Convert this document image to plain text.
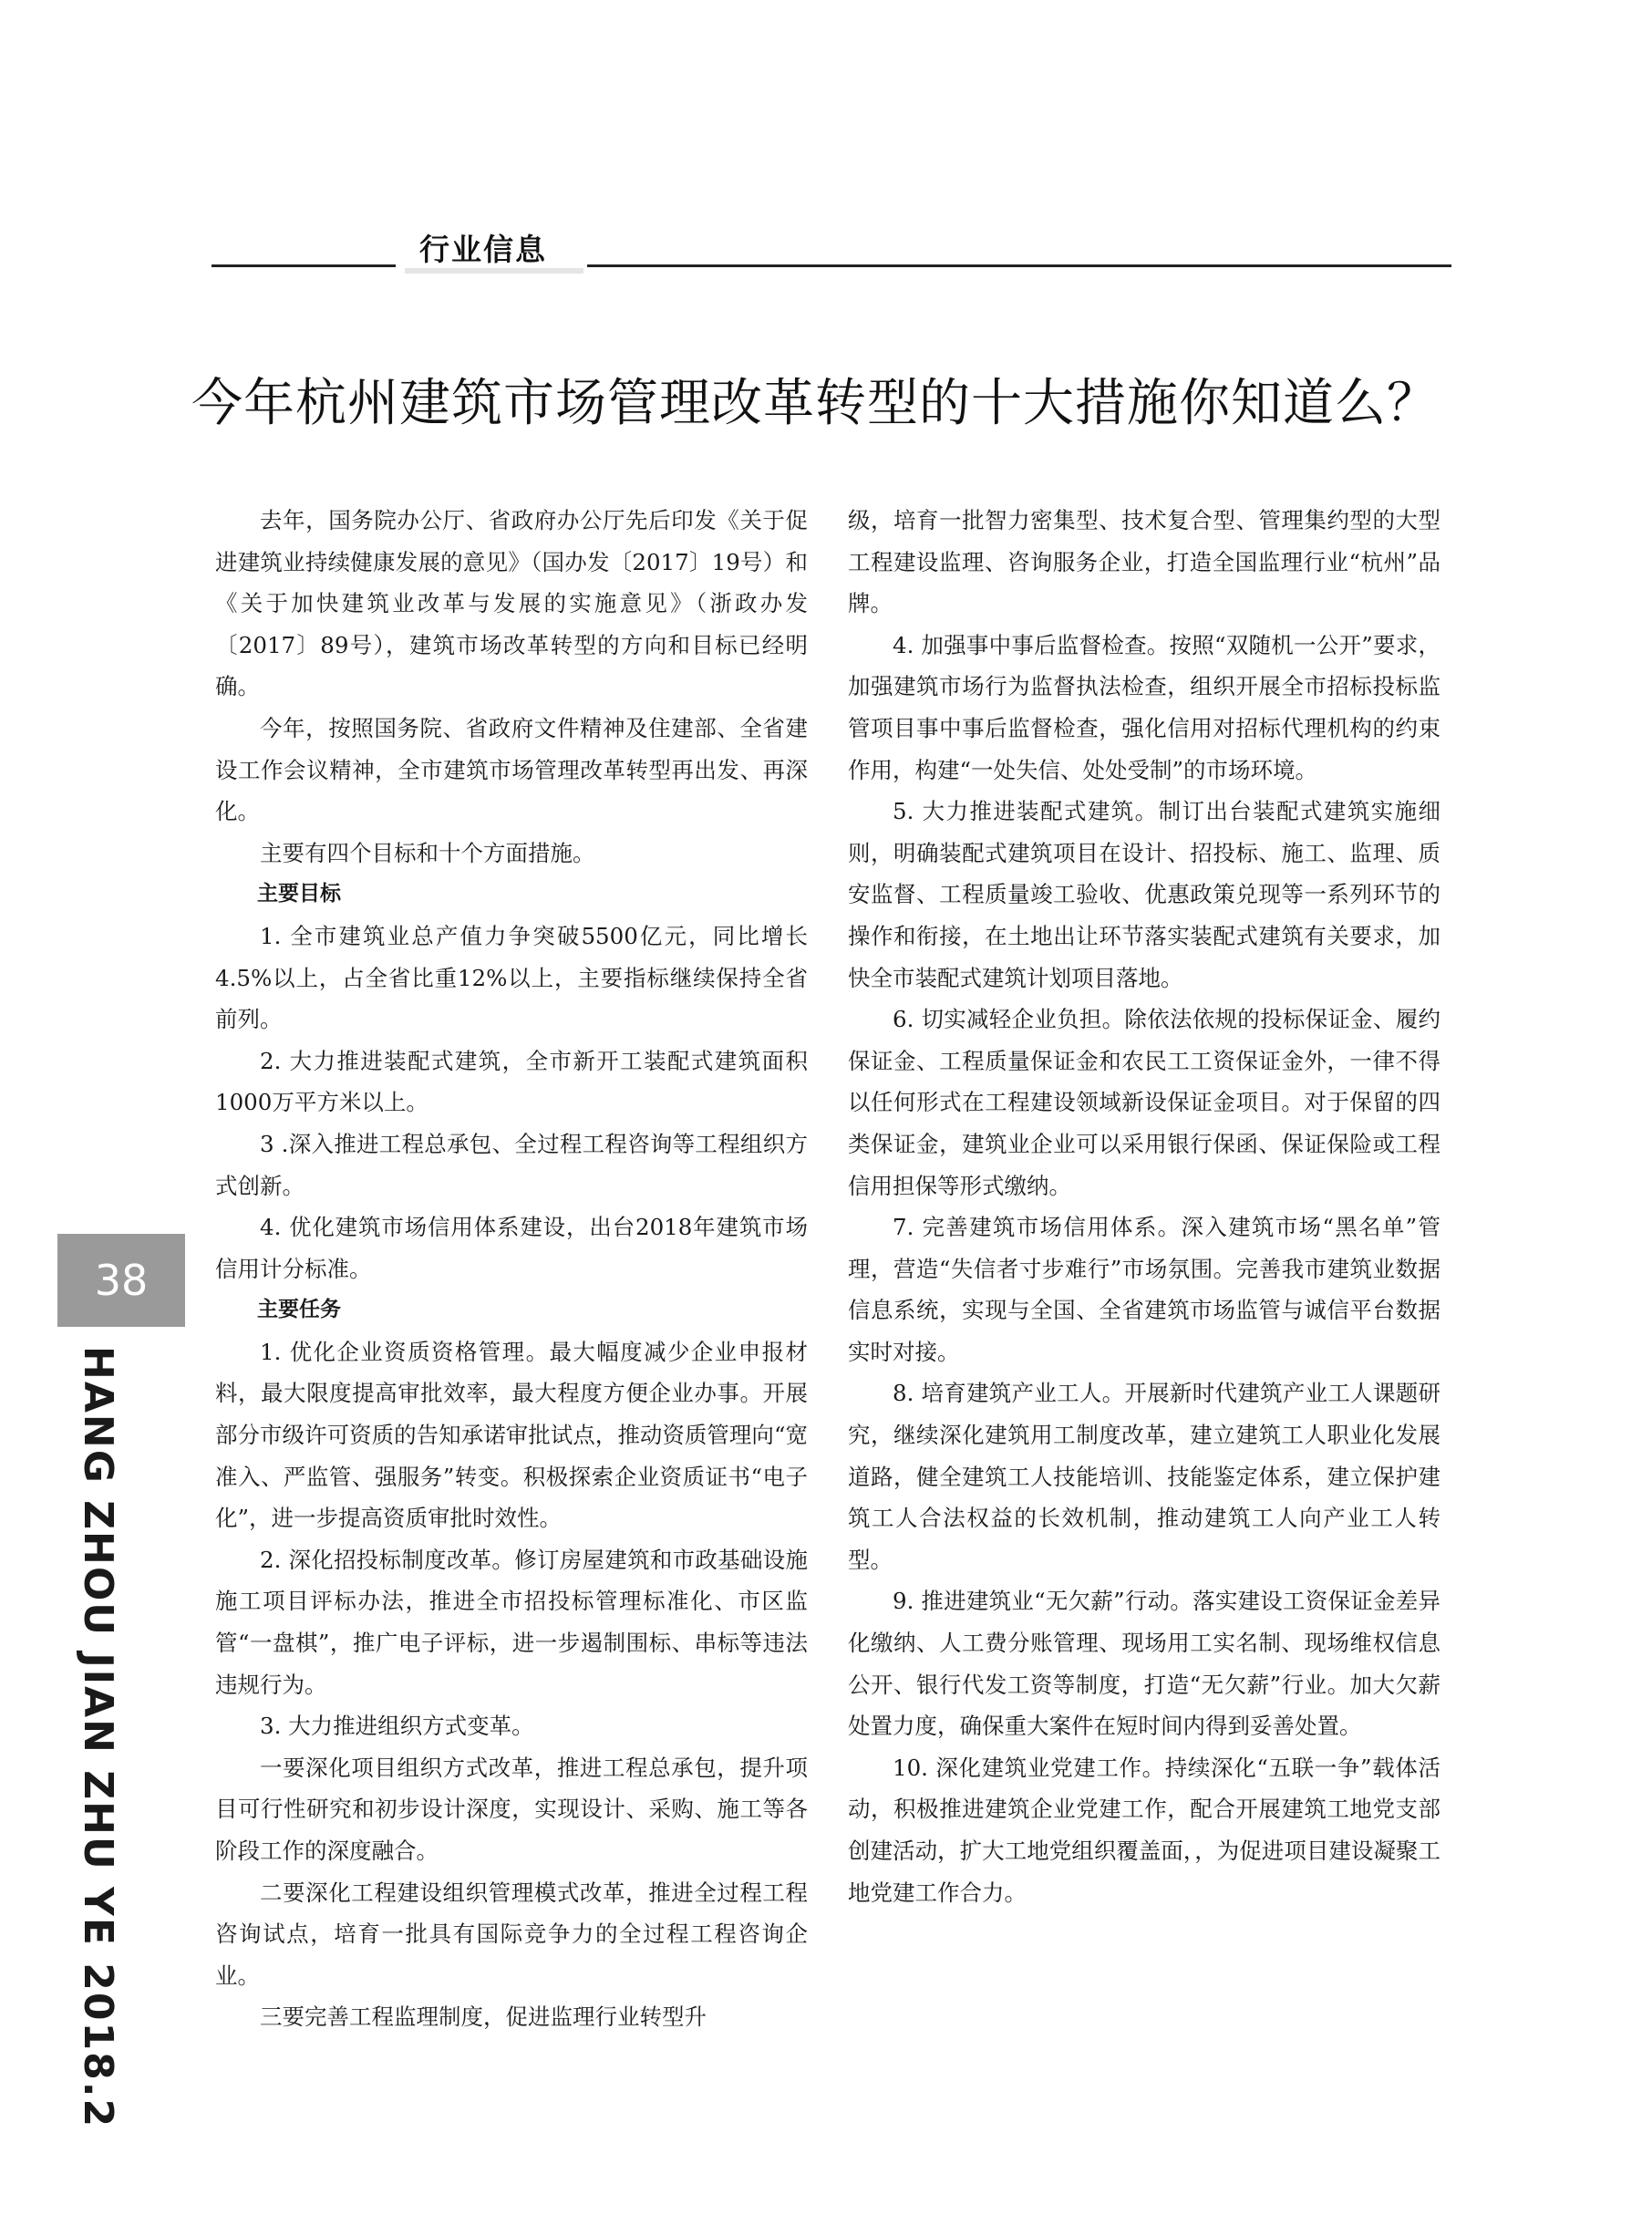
行业信息
今年杭州建筑市场管理改革转型的十大措施你知道么？

去年，国务院办公厅、省政府办公厅先后印发《关于促进建筑业持续健康发展的意见》（国办发〔2017〕19号）和《关于加快建筑业改革与发展的实施意见》（浙政办发〔2017〕89号），建筑市场改革转型的方向和目标已经明确。

今年，按照国务院、省政府文件精神及住建部、全省建设工作会议精神，全市建筑市场管理改革转型再出发、再深化。

主要有四个目标和十个方面措施。

主要目标

1. 全市建筑业总产值力争突破5500亿元，同比增长4.5%以上，占全省比重12%以上，主要指标继续保持全省前列。

2. 大力推进装配式建筑，全市新开工装配式建筑面积1000万平方米以上。

3 .深入推进工程总承包、全过程工程咨询等工程组织方式创新。

4. 优化建筑市场信用体系建设，出台2018年建筑市场信用计分标准。

主要任务

1. 优化企业资质资格管理。最大幅度减少企业申报材料，最大限度提高审批效率，最大程度方便企业办事。开展部分市级许可资质的告知承诺审批试点，推动资质管理向“宽准入、严监管、强服务”转变。积极探索企业资质证书“电子化”，进一步提高资质审批时效性。

2. 深化招投标制度改革。修订房屋建筑和市政基础设施施工项目评标办法，推进全市招投标管理标准化、市区监管“一盘棋”，推广电子评标，进一步遏制围标、串标等违法违规行为。

3. 大力推进组织方式变革。

一要深化项目组织方式改革，推进工程总承包，提升项目可行性研究和初步设计深度，实现设计、采购、施工等各阶段工作的深度融合。

二要深化工程建设组织管理模式改革，推进全过程工程咨询试点，培育一批具有国际竞争力的全过程工程咨询企业。

三要完善工程监理制度，促进监理行业转型升

级，培育一批智力密集型、技术复合型、管理集约型的大型工程建设监理、咨询服务企业，打造全国监理行业“杭州”品牌。

4. 加强事中事后监督检查。按照“双随机一公开”要求，加强建筑市场行为监督执法检查，组织开展全市招标投标监管项目事中事后监督检查，强化信用对招标代理机构的约束作用，构建“一处失信、处处受制”的市场环境。

5. 大力推进装配式建筑。制订出台装配式建筑实施细则，明确装配式建筑项目在设计、招投标、施工、监理、质安监督、工程质量竣工验收、优惠政策兑现等一系列环节的操作和衔接，在土地出让环节落实装配式建筑有关要求，加快全市装配式建筑计划项目落地。

6. 切实减轻企业负担。除依法依规的投标保证金、履约保证金、工程质量保证金和农民工工资保证金外，一律不得以任何形式在工程建设领域新设保证金项目。对于保留的四类保证金，建筑业企业可以采用银行保函、保证保险或工程信用担保等形式缴纳。

7. 完善建筑市场信用体系。深入建筑市场“黑名单”管理，营造“失信者寸步难行”市场氛围。完善我市建筑业数据信息系统，实现与全国、全省建筑市场监管与诚信平台数据实时对接。

8. 培育建筑产业工人。开展新时代建筑产业工人课题研究，继续深化建筑用工制度改革，建立建筑工人职业化发展道路，健全建筑工人技能培训、技能鉴定体系，建立保护建筑工人合法权益的长效机制，推动建筑工人向产业工人转型。

9. 推进建筑业“无欠薪”行动。落实建设工资保证金差异化缴纳、人工费分账管理、现场用工实名制、现场维权信息公开、银行代发工资等制度，打造“无欠薪”行业。加大欠薪处置力度，确保重大案件在短时间内得到妥善处置。

10. 深化建筑业党建工作。持续深化“五联一争”载体活动，积极推进建筑企业党建工作，配合开展建筑工地党支部创建活动，扩大工地党组织覆盖面，，为促进项目建设凝聚工地党建工作合力。

38
HANG ZHOU JIAN ZHU YE 2018.2
